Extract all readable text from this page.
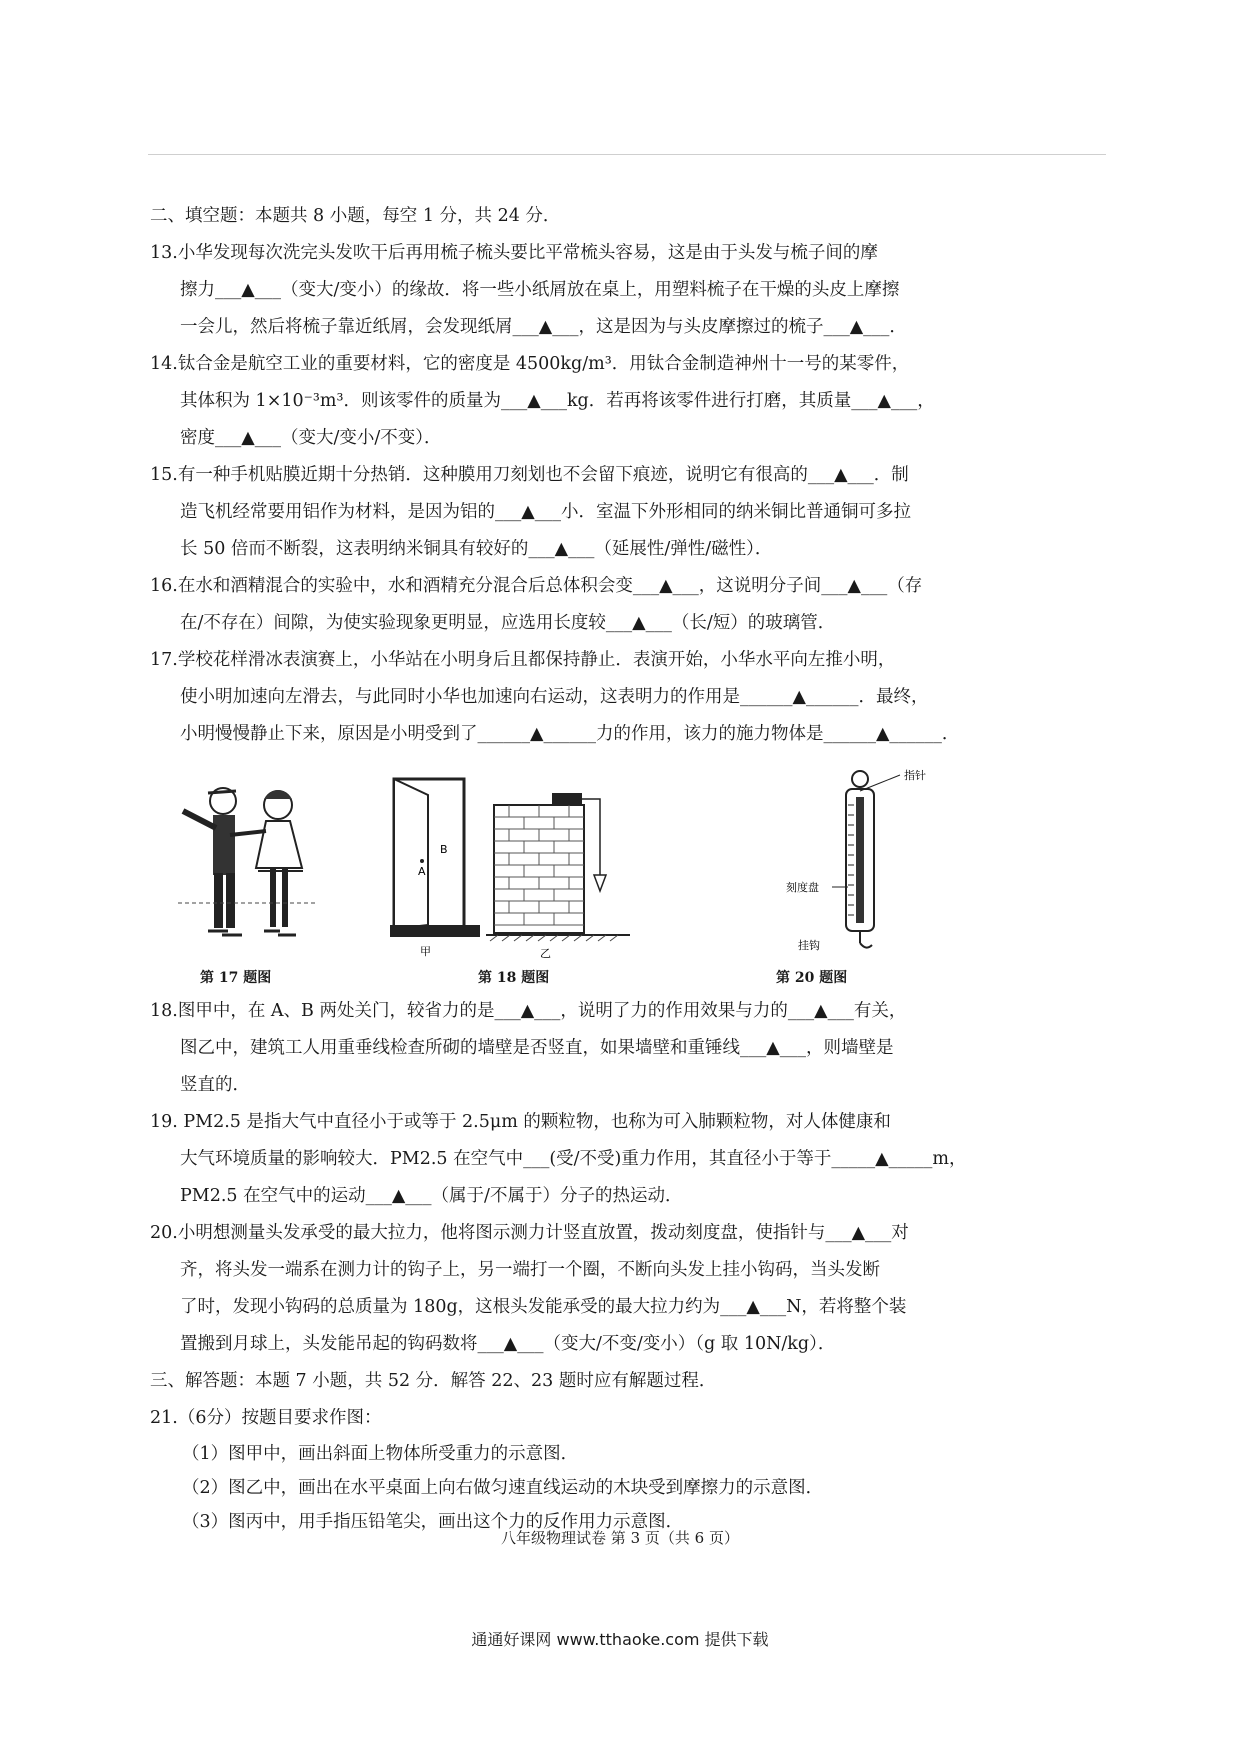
二、填空题：本题共 8 小题，每空 1 分，共 24 分．
13.小华发现每次洗完头发吹干后再用梳子梳头要比平常梳头容易，这是由于头发与梳子间的摩
擦力___▲___（变大/变小）的缘故．将一些小纸屑放在桌上，用塑料梳子在干燥的头皮上摩擦
一会儿，然后将梳子靠近纸屑，会发现纸屑___▲___，这是因为与头皮摩擦过的梳子___▲___．
14.钛合金是航空工业的重要材料，它的密度是 4500kg/m³．用钛合金制造神州十一号的某零件，
其体积为 1×10⁻³m³．则该零件的质量为___▲___kg．若再将该零件进行打磨，其质量___▲___，
密度___▲___（变大/变小/不变）．
15.有一种手机贴膜近期十分热销．这种膜用刀刻划也不会留下痕迹，说明它有很高的___▲___．制
造飞机经常要用铝作为材料，是因为铝的___▲___小．室温下外形相同的纳米铜比普通铜可多拉
长 50 倍而不断裂，这表明纳米铜具有较好的___▲___（延展性/弹性/磁性）．
16.在水和酒精混合的实验中，水和酒精充分混合后总体积会变___▲___，这说明分子间___▲___（存
在/不存在）间隙，为使实验现象更明显，应选用长度较___▲___（长/短）的玻璃管．
17.学校花样滑冰表演赛上，小华站在小明身后且都保持静止．表演开始，小华水平向左推小明，
使小明加速向左滑去，与此同时小华也加速向右运动，这表明力的作用是______▲______．最终，
小明慢慢静止下来，原因是小明受到了______▲______力的作用，该力的施力物体是______▲______．
A
B
甲	乙
指针
刻度盘
挂钩
第 17 题图	第 18 题图	第 20 题图
18.图甲中，在 A、B 两处关门，较省力的是___▲___，说明了力的作用效果与力的___▲___有关，
图乙中，建筑工人用重垂线检查所砌的墙壁是否竖直，如果墙壁和重锤线___▲___，则墙壁是
竖直的．
19. PM2.5 是指大气中直径小于或等于 2.5μm 的颗粒物，也称为可入肺颗粒物，对人体健康和
大气环境质量的影响较大．PM2.5 在空气中___(受/不受)重力作用，其直径小于等于_____▲_____m，
PM2.5 在空气中的运动___▲___（属于/不属于）分子的热运动．
20.小明想测量头发承受的最大拉力，他将图示测力计竖直放置，拨动刻度盘，使指针与___▲___对
齐，将头发一端系在测力计的钩子上，另一端打一个圈，不断向头发上挂小钩码，当头发断
了时，发现小钩码的总质量为 180g，这根头发能承受的最大拉力约为___▲___N，若将整个装
置搬到月球上，头发能吊起的钩码数将___▲___（变大/不变/变小）（g 取 10N/kg）．
三、解答题：本题 7 小题，共 52 分．解答 22、23 题时应有解题过程．
21.（6分）按题目要求作图：
（1）图甲中，画出斜面上物体所受重力的示意图．
（2）图乙中，画出在水平桌面上向右做匀速直线运动的木块受到摩擦力的示意图．
（3）图丙中，用手指压铅笔尖，画出这个力的反作用力示意图．
八年级物理试卷 第 3 页（共 6 页）
通通好课网 www.tthaoke.com 提供下载
